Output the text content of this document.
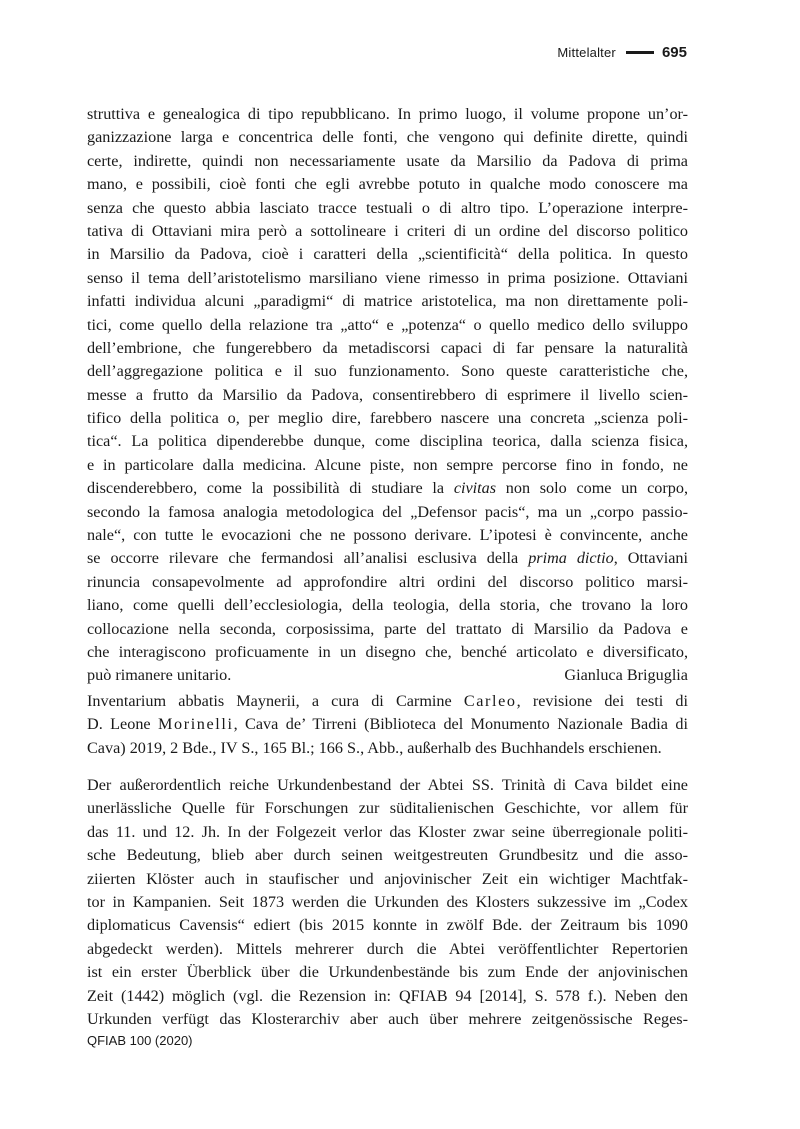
Mittelalter	695
struttiva e genealogica di tipo repubblicano. In primo luogo, il volume propone un’or-
ganizzazione larga e concentrica delle fonti, che vengono qui definite dirette, quindi
certe, indirette, quindi non necessariamente usate da Marsilio da Padova di prima
mano, e possibili, cioè fonti che egli avrebbe potuto in qualche modo conoscere ma
senza che questo abbia lasciato tracce testuali o di altro tipo. L’operazione interpre-
tativa di Ottaviani mira però a sottolineare i criteri di un ordine del discorso politico
in Marsilio da Padova, cioè i caratteri della „scientificità“ della politica. In questo
senso il tema dell’aristotelismo marsiliano viene rimesso in prima posizione. Ottaviani
infatti individua alcuni „paradigmi“ di matrice aristotelica, ma non direttamente poli-
tici, come quello della relazione tra „atto“ e „potenza“ o quello medico dello sviluppo
dell’embrione, che fungerebbero da metadiscorsi capaci di far pensare la naturalità
dell’aggregazione politica e il suo funzionamento. Sono queste caratteristiche che,
messe a frutto da Marsilio da Padova, consentirebbero di esprimere il livello scien-
tifico della politica o, per meglio dire, farebbero nascere una concreta „scienza poli-
tica“. La politica dipenderebbe dunque, come disciplina teorica, dalla scienza fisica,
e in particolare dalla medicina. Alcune piste, non sempre percorse fino in fondo, ne
discenderebbero, come la possibilità di studiare la civitas non solo come un corpo,
secondo la famosa analogia metodologica del „Defensor pacis“, ma un „corpo passio-
nale“, con tutte le evocazioni che ne possono derivare. L’ipotesi è convincente, anche
se occorre rilevare che fermandosi all’analisi esclusiva della prima dictio, Ottaviani
rinuncia consapevolmente ad approfondire altri ordini del discorso politico marsi-
liano, come quelli dell’ecclesiologia, della teologia, della storia, che trovano la loro
collocazione nella seconda, corposissima, parte del trattato di Marsilio da Padova e
che interagiscono proficuamente in un disegno che, benché articolato e diversificato,
può rimanere unitario.	Gianluca Briguglia
Inventarium abbatis Maynerii, a cura di Carmine Carleo, revisione dei testi di
D. Leone Morinelli, Cava de’ Tirreni (Biblioteca del Monumento Nazionale Badia di
Cava) 2019, 2 Bde., IV S., 165 Bl.; 166 S., Abb., außerhalb des Buchhandels erschienen.
Der außerordentlich reiche Urkundenbestand der Abtei SS. Trinità di Cava bildet eine
unerlässliche Quelle für Forschungen zur süditalienischen Geschichte, vor allem für
das 11. und 12. Jh. In der Folgezeit verlor das Kloster zwar seine überregionale politi-
sche Bedeutung, blieb aber durch seinen weitgestreuten Grundbesitz und die asso-
ziierten Klöster auch in staufischer und anjovinischer Zeit ein wichtiger Machtfak-
tor in Kampanien. Seit 1873 werden die Urkunden des Klosters sukzessive im „Codex
diplomaticus Cavensis“ ediert (bis 2015 konnte in zwölf Bde. der Zeitraum bis 1090
abgedeckt werden). Mittels mehrerer durch die Abtei veröffentlichter Repertorien
ist ein erster Überblick über die Urkundenbestände bis zum Ende der anjovinischen
Zeit (1442) möglich (vgl. die Rezension in: QFIAB 94 [2014], S. 578 f.). Neben den
Urkunden verfügt das Klosterarchiv aber auch über mehrere zeitgenössische Reges-
QFIAB 100 (2020)
